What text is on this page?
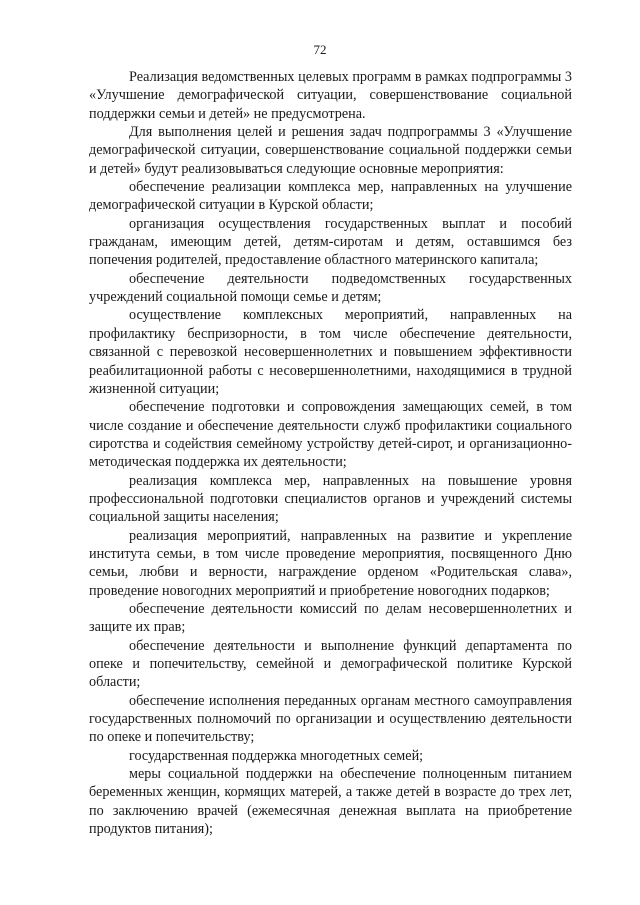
72

Реализация ведомственных целевых программ в рамках подпрограммы 3 «Улучшение демографической ситуации, совершенствование социальной поддержки семьи и детей» не предусмотрена.

Для выполнения целей и решения задач подпрограммы 3 «Улучшение демографической ситуации, совершенствование социальной поддержки семьи и детей» будут реализовываться следующие основные мероприятия:

обеспечение реализации комплекса мер, направленных на улучшение демографической ситуации в Курской области;

организация осуществления государственных выплат и пособий гражданам, имеющим детей, детям-сиротам и детям, оставшимся без попечения родителей, предоставление областного материнского капитала;

обеспечение деятельности подведомственных государственных учреждений социальной помощи семье и детям;

осуществление комплексных мероприятий, направленных на профилактику беспризорности, в том числе обеспечение деятельности, связанной с перевозкой несовершеннолетних и повышением эффективности реабилитационной работы с несовершеннолетними, находящимися в трудной жизненной ситуации;

обеспечение подготовки и сопровождения замещающих семей, в том числе создание и обеспечение деятельности служб профилактики социального сиротства и содействия семейному устройству детей-сирот, и организационно-методическая поддержка их деятельности;

реализация комплекса мер, направленных на повышение уровня профессиональной подготовки специалистов органов и учреждений системы социальной защиты населения;

реализация мероприятий, направленных на развитие и укрепление института семьи, в том числе проведение мероприятия, посвященного Дню семьи, любви и верности, награждение орденом «Родительская слава», проведение новогодних мероприятий и приобретение новогодних подарков;

обеспечение деятельности комиссий по делам несовершеннолетних и защите их прав;

обеспечение деятельности и выполнение функций департамента по опеке и попечительству, семейной и демографической политике Курской области;

обеспечение исполнения переданных органам местного самоуправления государственных полномочий по организации и осуществлению деятельности по опеке и попечительству;

государственная поддержка многодетных семей;

меры социальной поддержки на обеспечение полноценным питанием беременных женщин, кормящих матерей, а также детей в возрасте до трех лет, по заключению врачей (ежемесячная денежная выплата на приобретение продуктов питания);
